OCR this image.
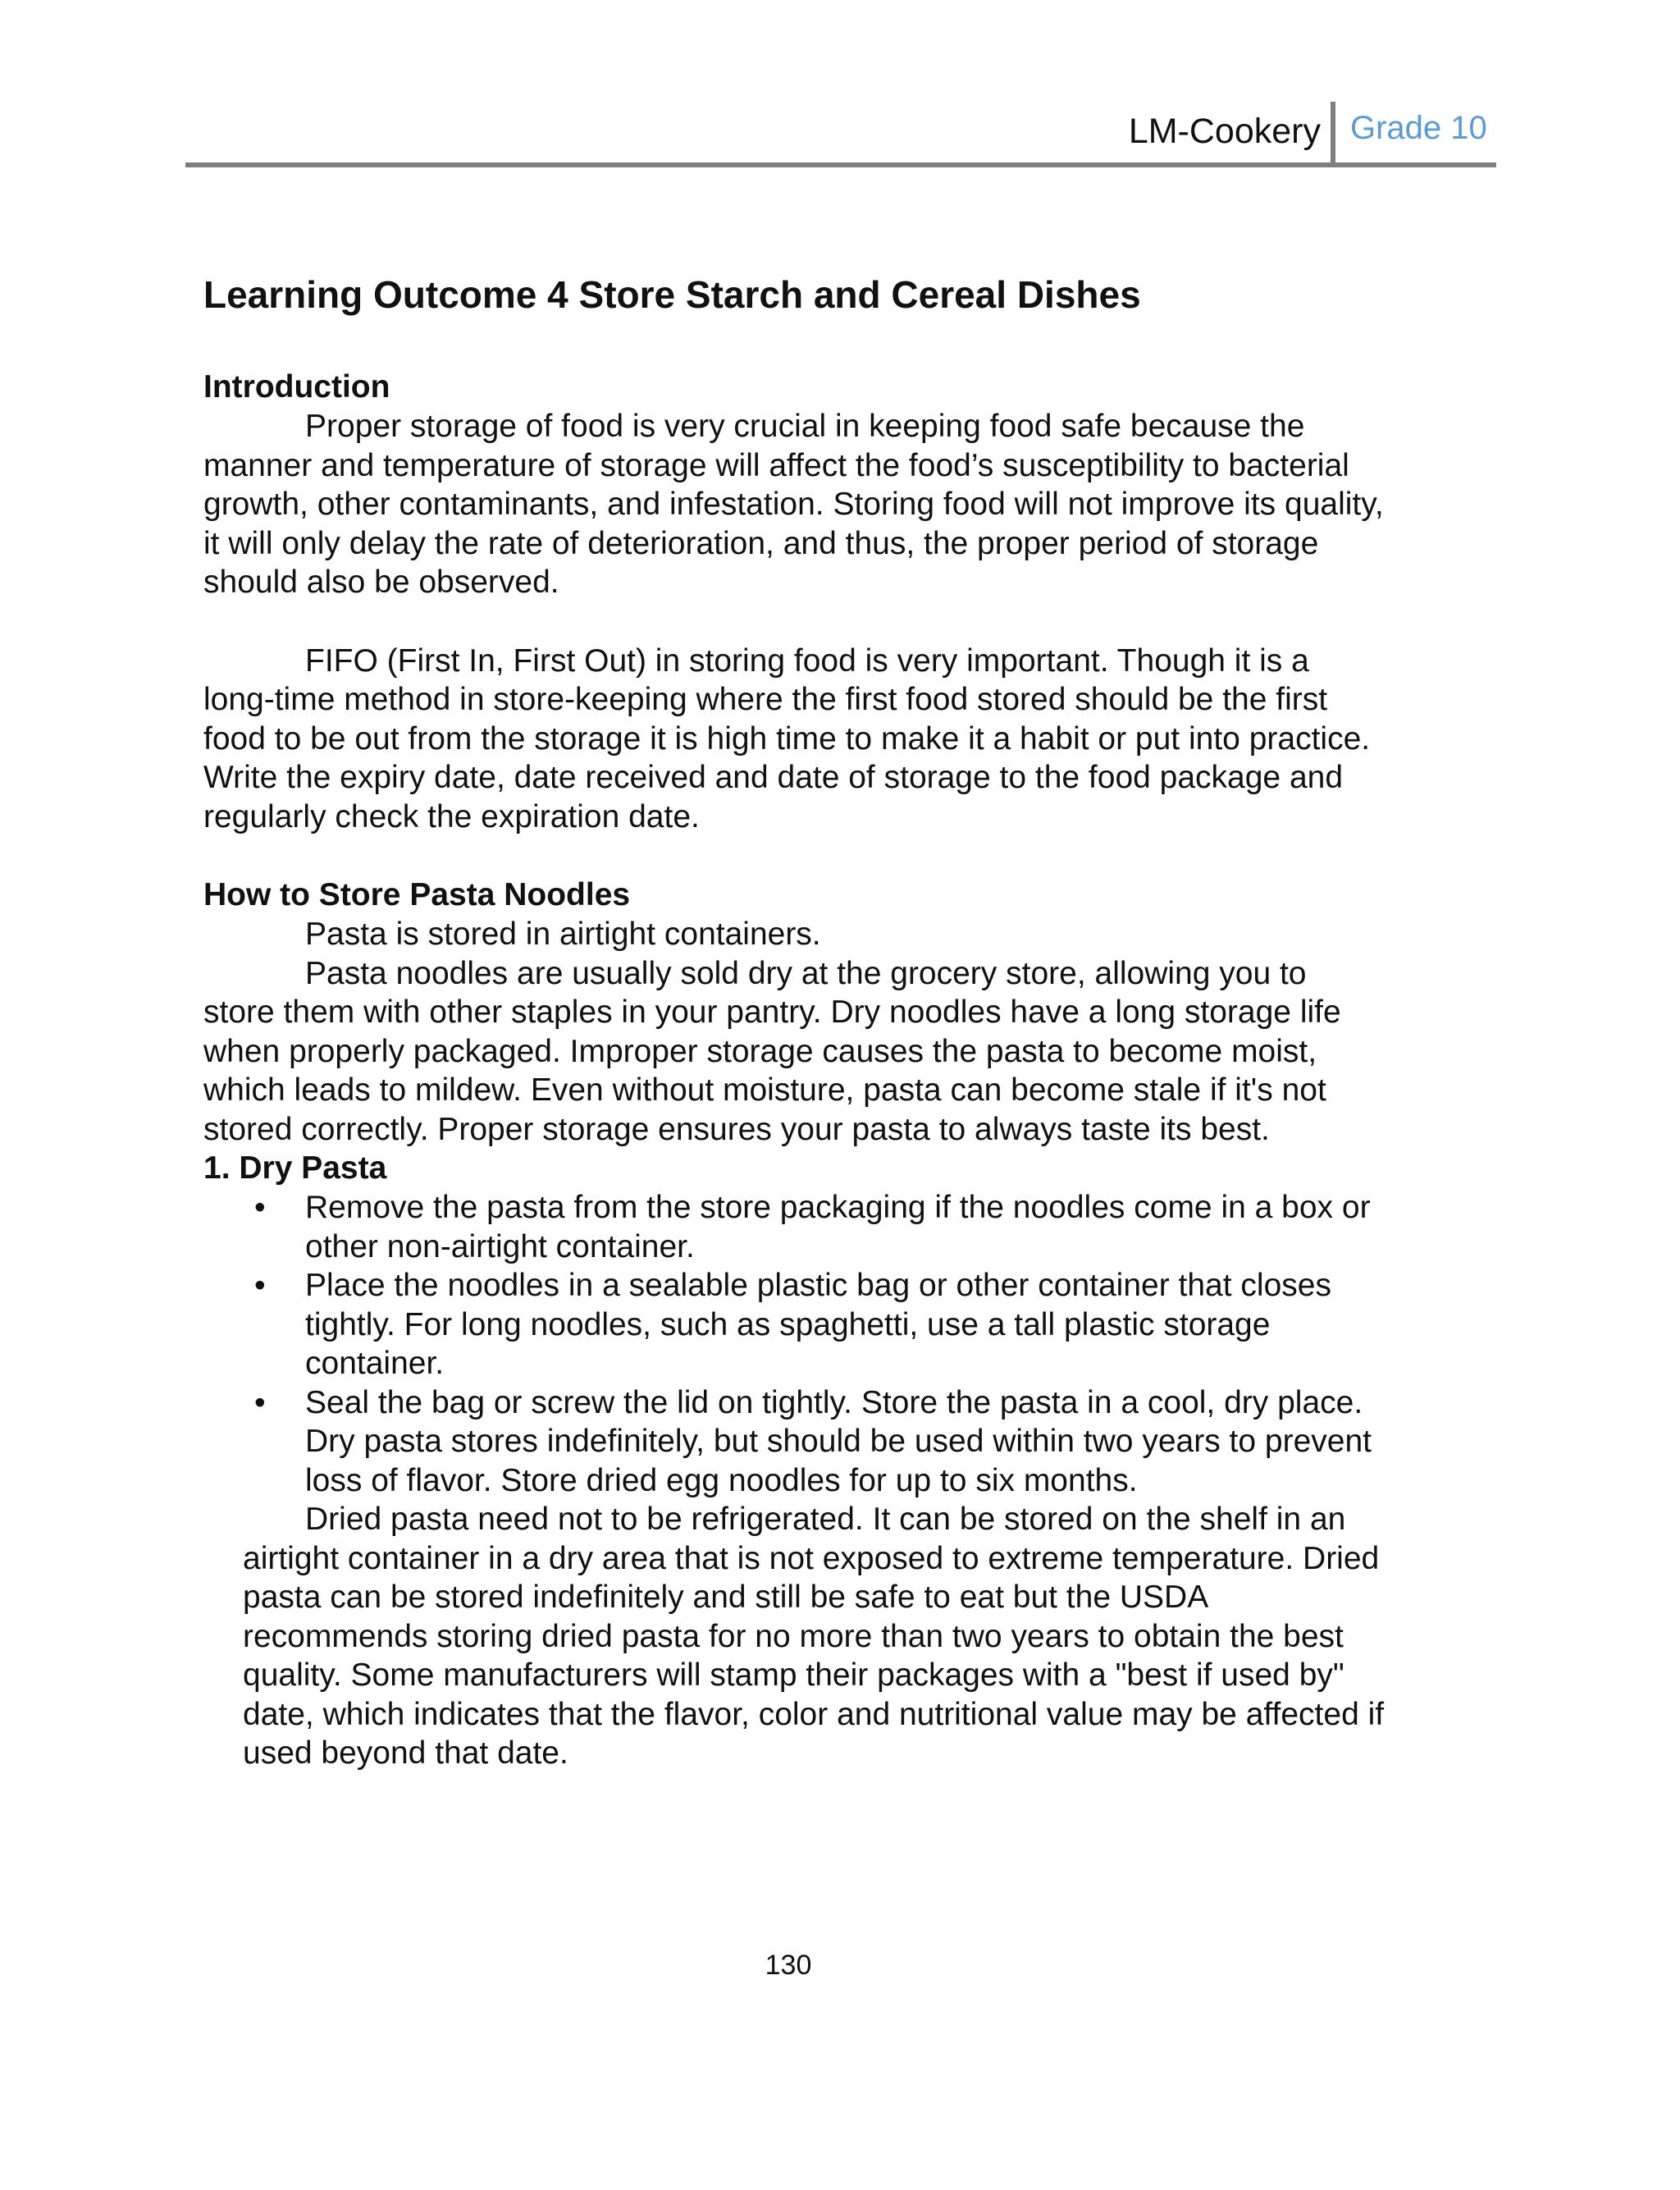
LM-Cookery Grade 10
Learning Outcome 4 Store Starch and Cereal Dishes
Introduction

Proper storage of food is very crucial in keeping food safe because the manner and temperature of storage will affect the food’s susceptibility to bacterial growth, other contaminants, and infestation. Storing food will not improve its quality, it will only delay the rate of deterioration, and thus, the proper period of storage should also be observed.

FIFO (First In, First Out) in storing food is very important. Though it is a long-time method in store-keeping where the first food stored should be the first food to be out from the storage it is high time to make it a habit or put into practice. Write the expiry date, date received and date of storage to the food package and regularly check the expiration date.

How to Store Pasta Noodles

Pasta is stored in airtight containers.

Pasta noodles are usually sold dry at the grocery store, allowing you to store them with other staples in your pantry. Dry noodles have a long storage life when properly packaged. Improper storage causes the pasta to become moist, which leads to mildew. Even without moisture, pasta can become stale if it's not stored correctly. Proper storage ensures your pasta to always taste its best.

1. Dry Pasta
• Remove the pasta from the store packaging if the noodles come in a box or other non-airtight container.
• Place the noodles in a sealable plastic bag or other container that closes tightly. For long noodles, such as spaghetti, use a tall plastic storage container.
• Seal the bag or screw the lid on tightly. Store the pasta in a cool, dry place. Dry pasta stores indefinitely, but should be used within two years to prevent loss of flavor. Store dried egg noodles for up to six months.

Dried pasta need not to be refrigerated. It can be stored on the shelf in an airtight container in a dry area that is not exposed to extreme temperature. Dried pasta can be stored indefinitely and still be safe to eat but the USDA recommends storing dried pasta for no more than two years to obtain the best quality. Some manufacturers will stamp their packages with a "best if used by" date, which indicates that the flavor, color and nutritional value may be affected if used beyond that date.

130
